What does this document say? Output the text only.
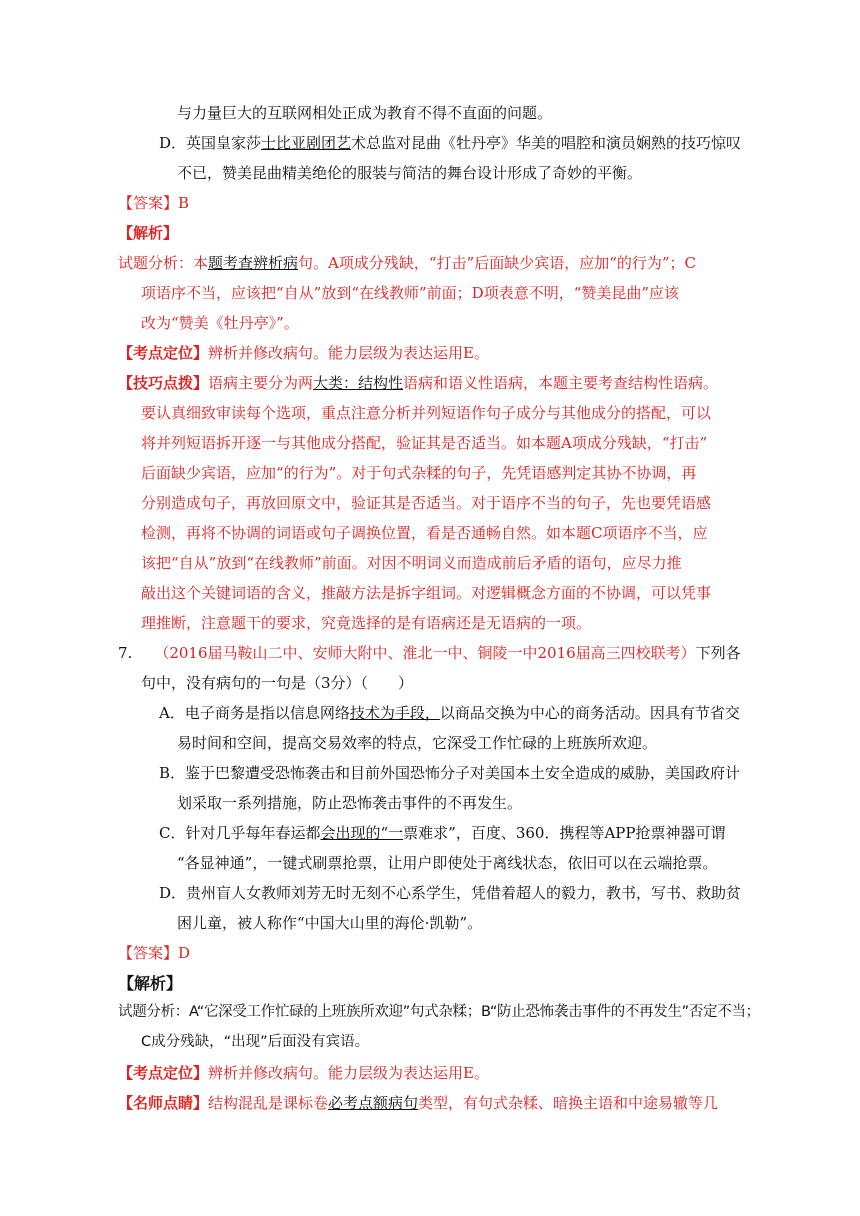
与力量巨大的互联网相处正成为教育不得不直面的问题。
D．英国皇家莎士比亚剧团艺术总监对昆曲《牡丹亭》华美的唱腔和演员娴熟的技巧惊叹
不已，赞美昆曲精美绝伦的服装与简洁的舞台设计形成了奇妙的平衡。
【答案】B
【解析】
试题分析：本题考查辨析病句。A项成分残缺，“打击”后面缺少宾语，应加“的行为”；C
项语序不当，应该把“自从”放到“在线教师”前面；D项表意不明，“赞美昆曲”应该
改为“赞美《牡丹亭》”。
【考点定位】辨析并修改病句。能力层级为表达运用E。
【技巧点拨】语病主要分为两大类：结构性语病和语义性语病，本题主要考查结构性语病。
要认真细致审读每个选项，重点注意分析并列短语作句子成分与其他成分的搭配，可以
将并列短语拆开逐一与其他成分搭配，验证其是否适当。如本题A项成分残缺，“打击”
后面缺少宾语，应加“的行为”。对于句式杂糅的句子，先凭语感判定其协不协调，再
分别造成句子，再放回原文中，验证其是否适当。对于语序不当的句子，先也要凭语感
检测，再将不协调的词语或句子调换位置，看是否通畅自然。如本题C项语序不当，应
该把“自从”放到“在线教师”前面。对因不明词义而造成前后矛盾的语句，应尽力推
敲出这个关键词语的含义，推敲方法是拆字组词。对逻辑概念方面的不协调，可以凭事
理推断，注意题干的要求，究竟选择的是有语病还是无语病的一项。
7. （2016届马鞍山二中、安师大附中、淮北一中、铜陵一中2016届高三四校联考）下列各
句中，没有病句的一句是（3分）（　　）
A．电子商务是指以信息网络技术为手段，以商品交换为中心的商务活动。因具有节省交
易时间和空间，提高交易效率的特点，它深受工作忙碌的上班族所欢迎。
B．鉴于巴黎遭受恐怖袭击和目前外国恐怖分子对美国本土安全造成的威胁，美国政府计
划采取一系列措施，防止恐怖袭击事件的不再发生。
C．针对几乎每年春运都会出现的“一票难求”，百度、360．携程等APP抢票神器可谓
“各显神通”，一键式刷票抢票，让用户即使处于离线状态，依旧可以在云端抢票。
D．贵州盲人女教师刘芳无时无刻不心系学生，凭借着超人的毅力，教书，写书、救助贫
困儿童，被人称作“中国大山里的海伦·凯勒”。
【答案】D
【解析】
试题分析：A“它深受工作忙碌的上班族所欢迎”句式杂糅；B“防止恐怖袭击事件的不再发生”否定不当；
C成分残缺，“出现”后面没有宾语。
【考点定位】辨析并修改病句。能力层级为表达运用E。
【名师点睛】结构混乱是课标卷必考点额病句类型，有句式杂糅、暗换主语和中途易辙等几
